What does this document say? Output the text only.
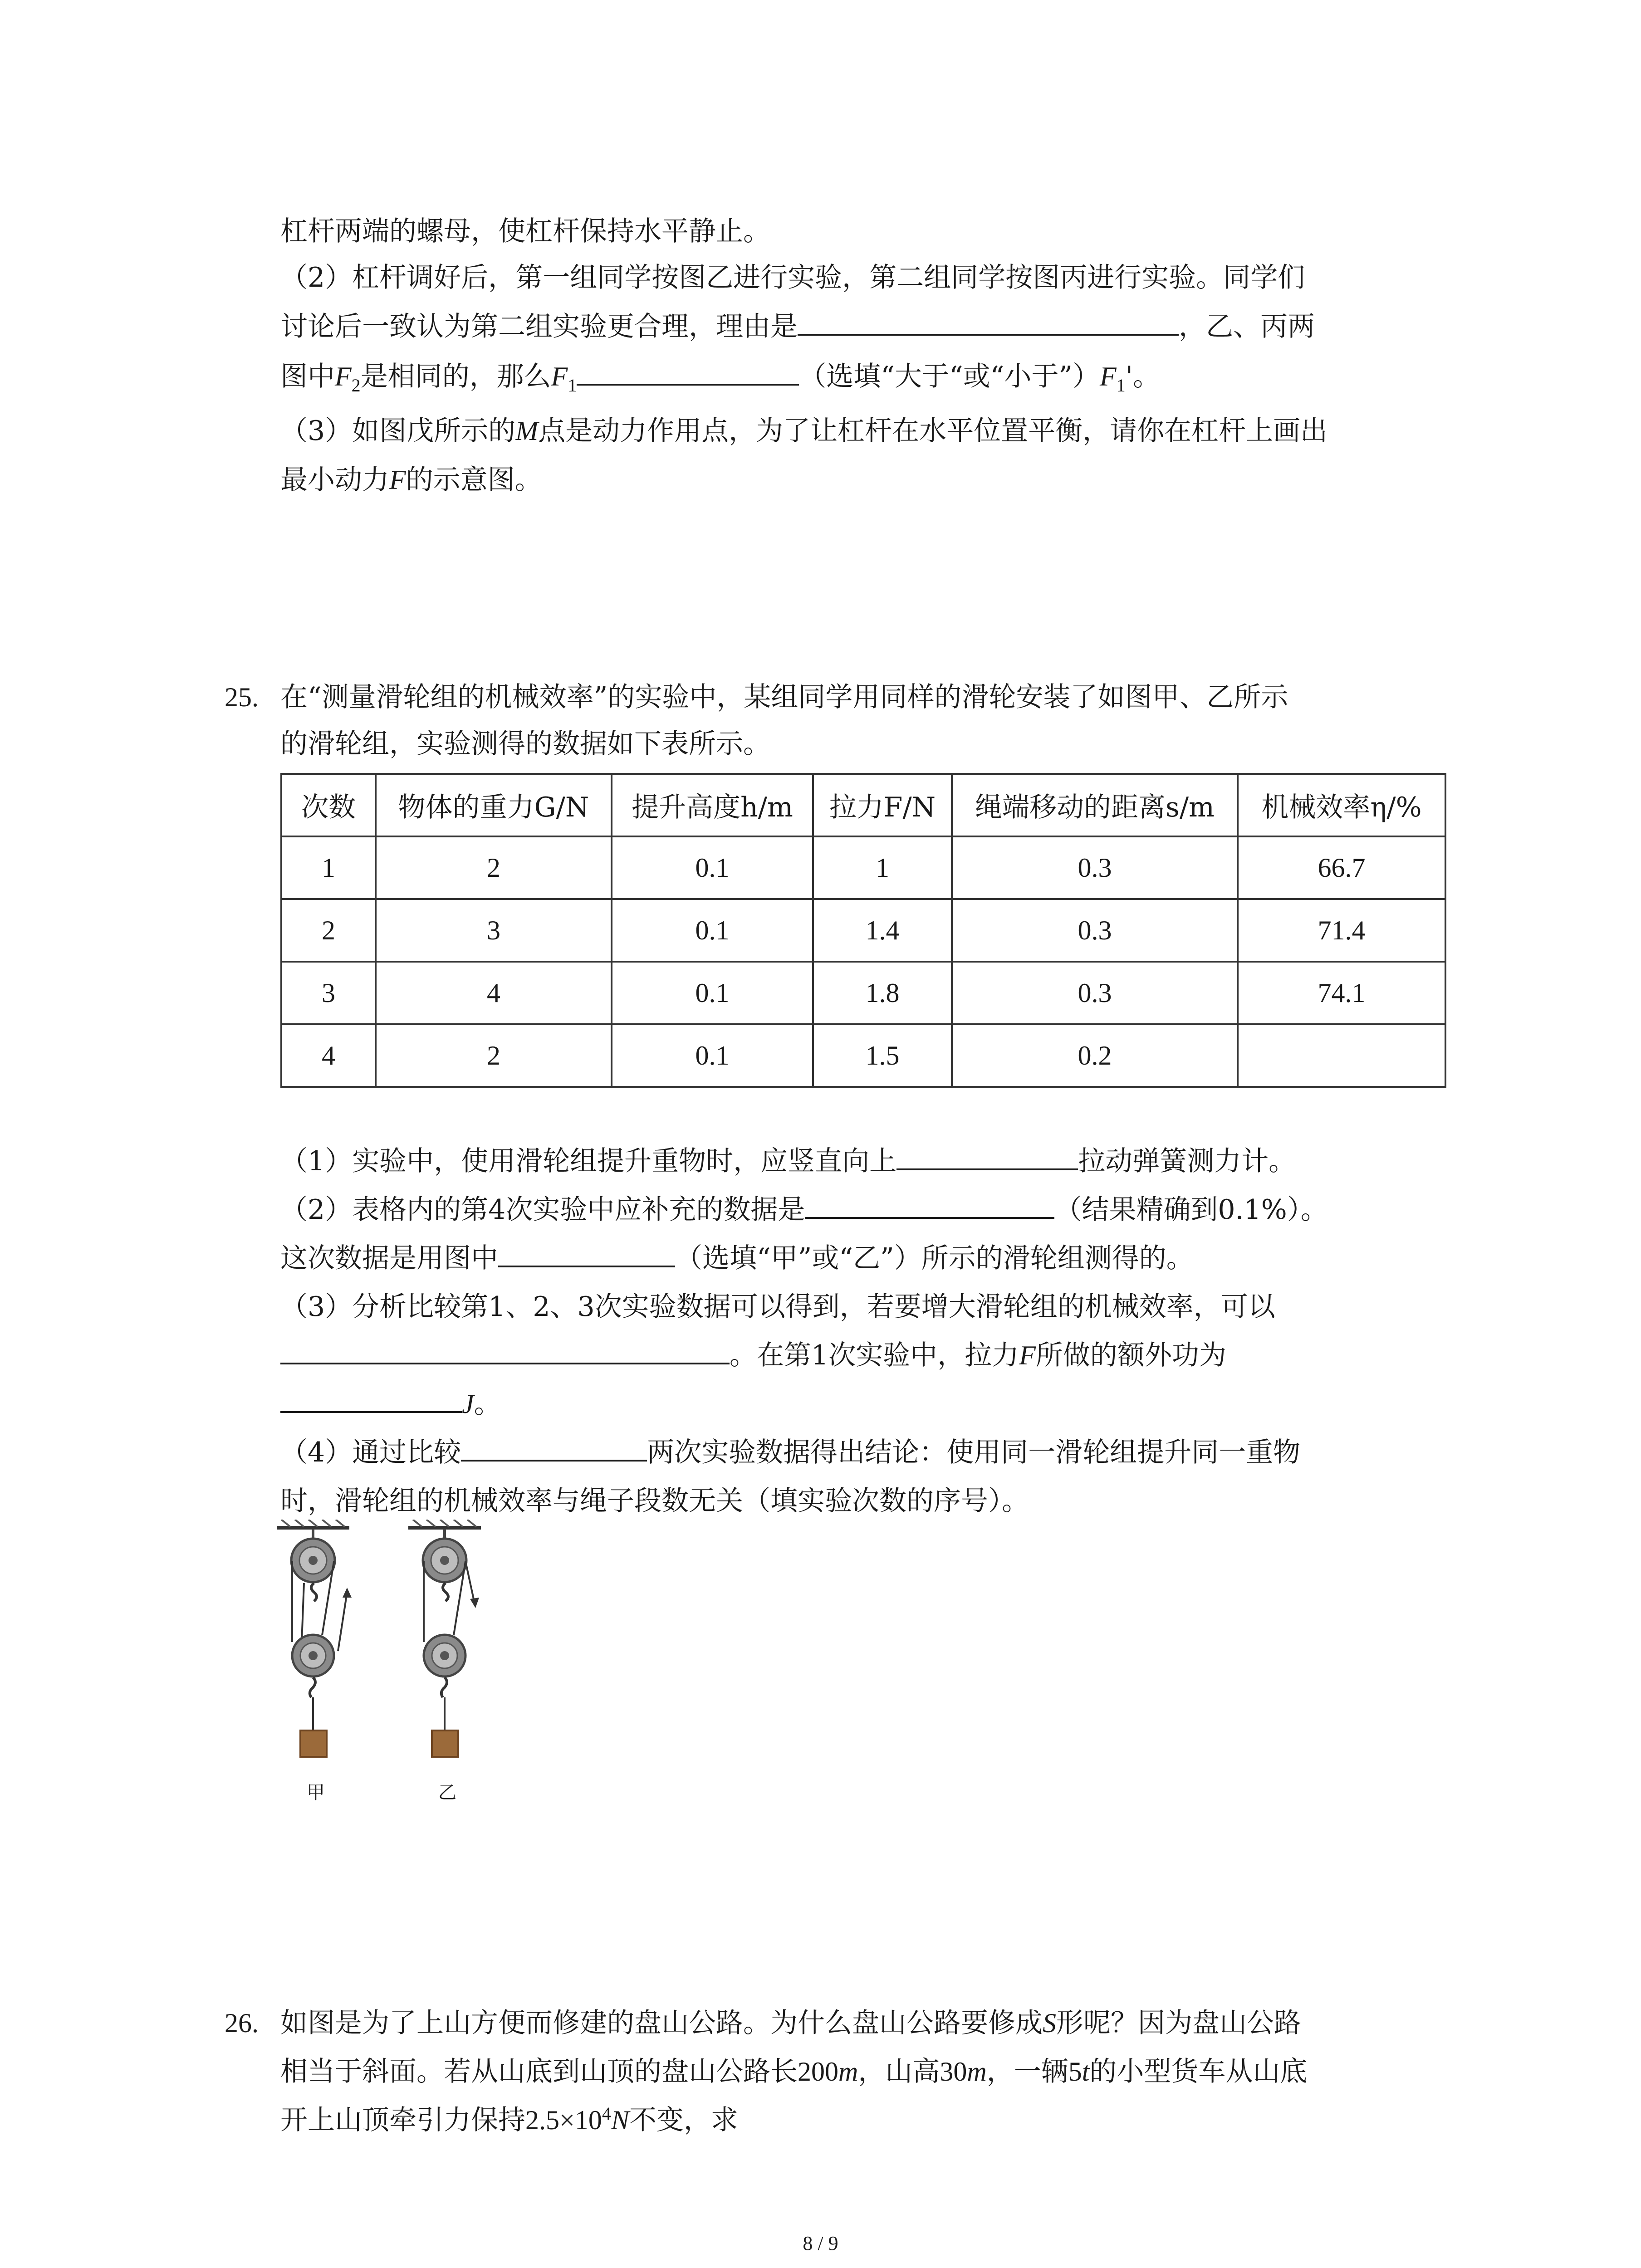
杠杆两端的螺母，使杠杆保持水平静止。
（2）杠杆调好后，第一组同学按图乙进行实验，第二组同学按图丙进行实验。同学们
讨论后一致认为第二组实验更合理，理由是	，乙、丙两
图中$F_2$是相同的，那么$F_1$	（选填“大于“或“小于$”)F_1'$。
（3）如图戊所示的M点是动力作用点，为了让杠杆在水平位置平衡，请你在杠杆上画出
最小动力F的示意图。
25. 在“测量滑轮组的机械效率”的实验中，某组同学用同样的滑轮安装了如图甲、乙所示
的滑轮组，实验测得的数据如下表所示。
次数	物体的重力G/N	提升高度h/m	拉力F/N	绳端移动的距离s/m	机械效率η/%
1	2	0.1	1	0.3	66.7
2	3	0.1	1.4	0.3	71.4
3	4	0.1	1.8	0.3	74.1
4	2	0.1	1.5	0.2	
（1）实验中，使用滑轮组提升重物时，应竖直向上	拉动弹簧测力计。
（2）表格内的第4次实验中应补充的数据是	（结果精确到0.1%）。
这次数据是用图中	（选填“甲”或“乙”）所示的滑轮组测得的。
（3）分析比较第1、2、3次实验数据可以得到，若要增大滑轮组的机械效率，可以
。在第1次实验中，拉力F所做的额外功为
J。
（4）通过比较	两次实验数据得出结论：使用同一滑轮组提升同一重物
时，滑轮组的机械效率与绳子段数无关（填实验次数的序号）。
甲	乙
26. 如图是为了上山方便而修建的盘山公路。为什么盘山公路要修成S形呢？因为盘山公路
相当于斜面。若从山底到山顶的盘山公路长200m，山高30m，一辆5t的小型货车从山底
开上山顶牵引力保持$2.5\times 10^4N$不变，求
8 / 9
